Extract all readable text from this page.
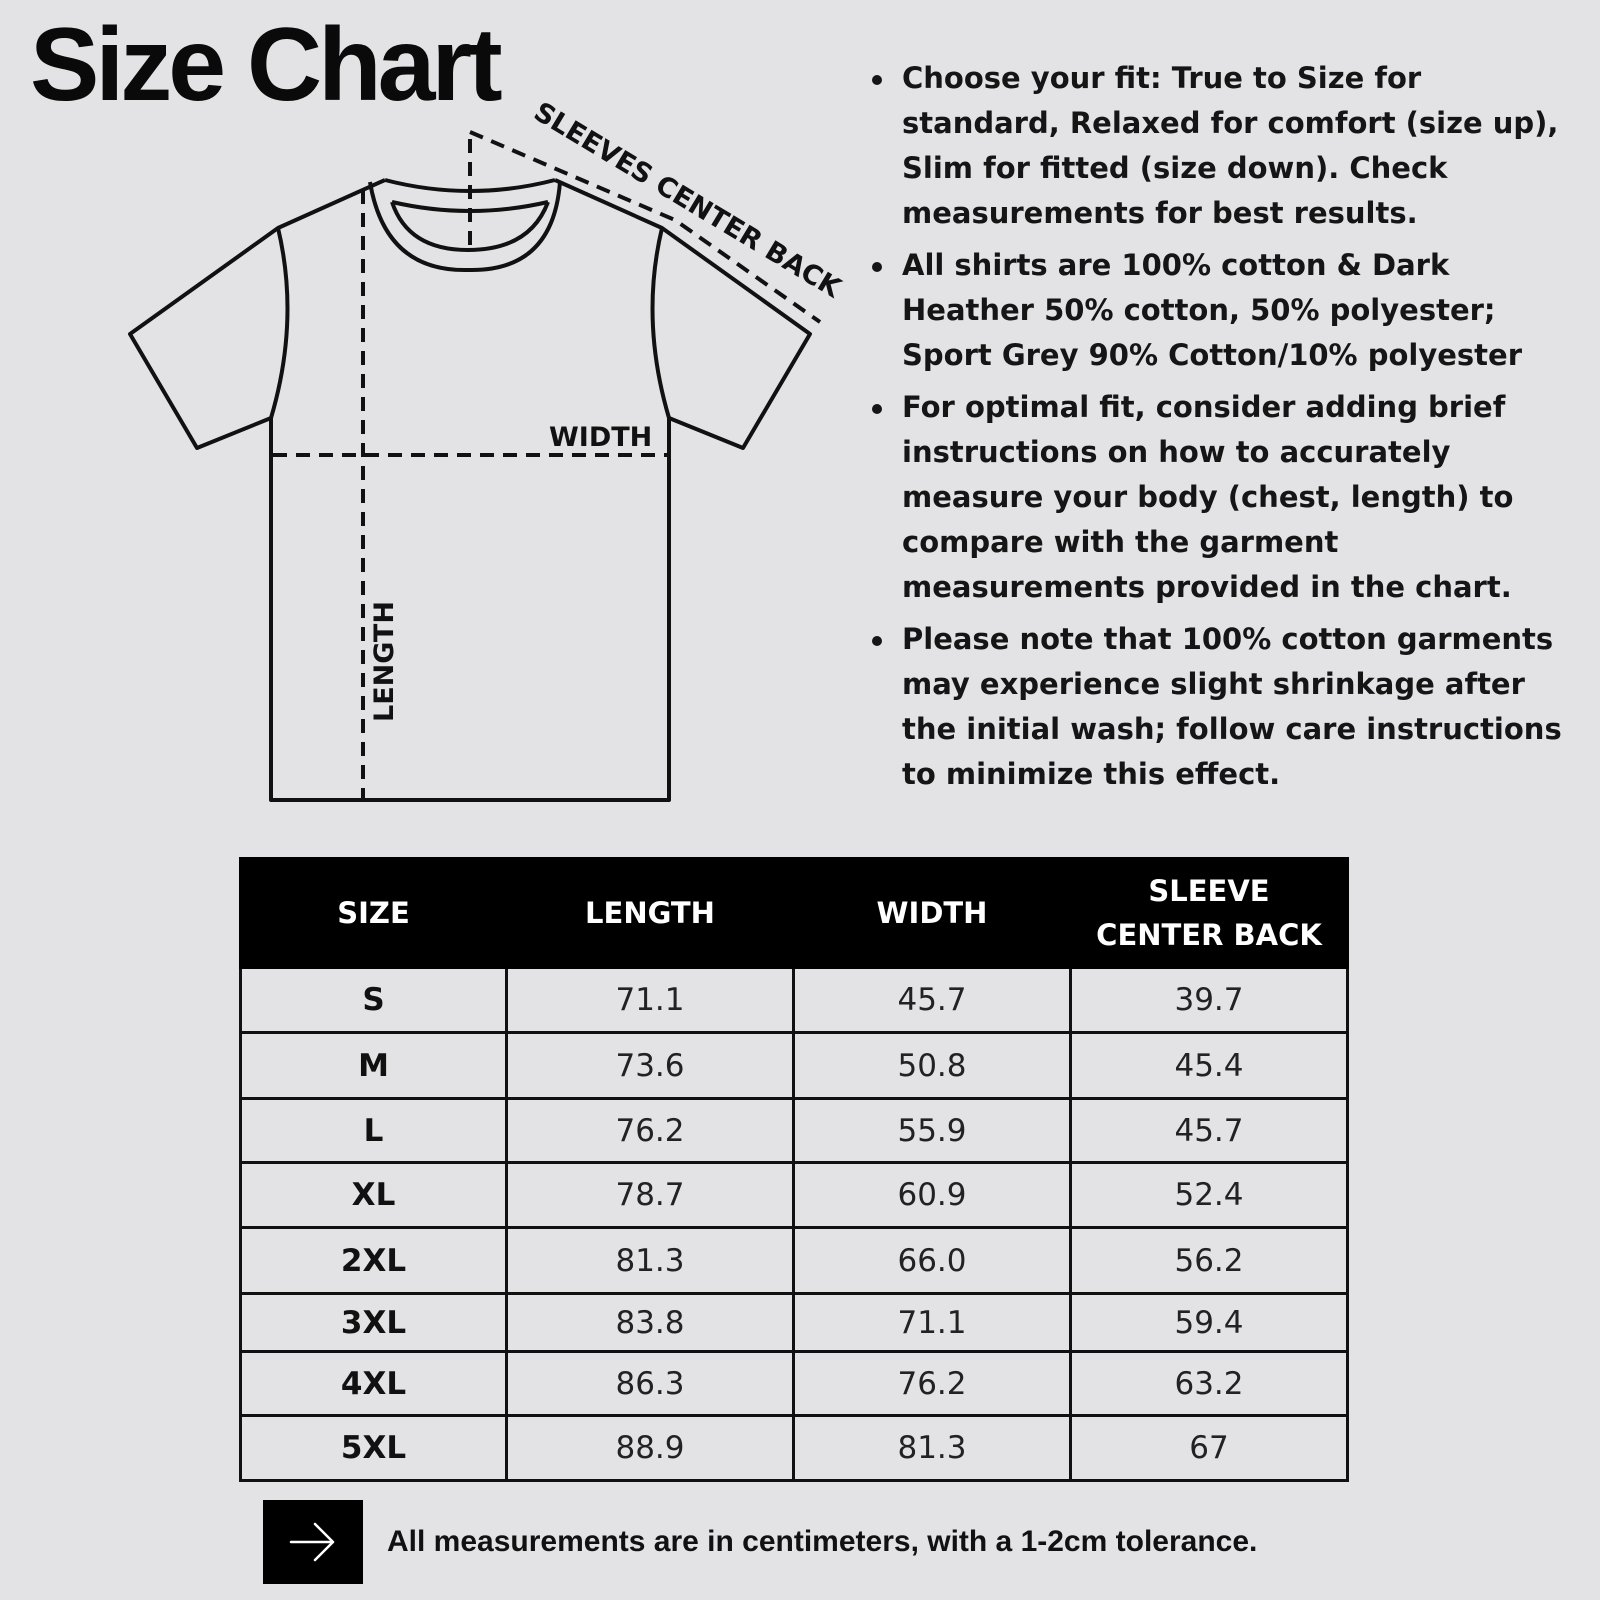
Size Chart
SLEEVES CENTER BACK
WIDTH
LENGTH
Choose your fit: True to Size for standard, Relaxed for comfort (size up), Slim for fitted (size down). Check measurements for best results.
All shirts are 100% cotton & Dark Heather 50% cotton, 50% polyester; Sport Grey 90% Cotton/10% polyester
For optimal fit, consider adding brief instructions on how to accurately measure your body (chest, length) to compare with the garment measurements provided in the chart.
Please note that 100% cotton garments may experience slight shrinkage after the initial wash; follow care instructions to minimize this effect.
SIZE	LENGTH	WIDTH	SLEEVE
CENTER BACK
S	71.1	45.7	39.7
M	73.6	50.8	45.4
L	76.2	55.9	45.7
XL	78.7	60.9	52.4
2XL	81.3	66.0	56.2
3XL	83.8	71.1	59.4
4XL	86.3	76.2	63.2
5XL	88.9	81.3	67
All measurements are in centimeters, with a 1-2cm tolerance.
